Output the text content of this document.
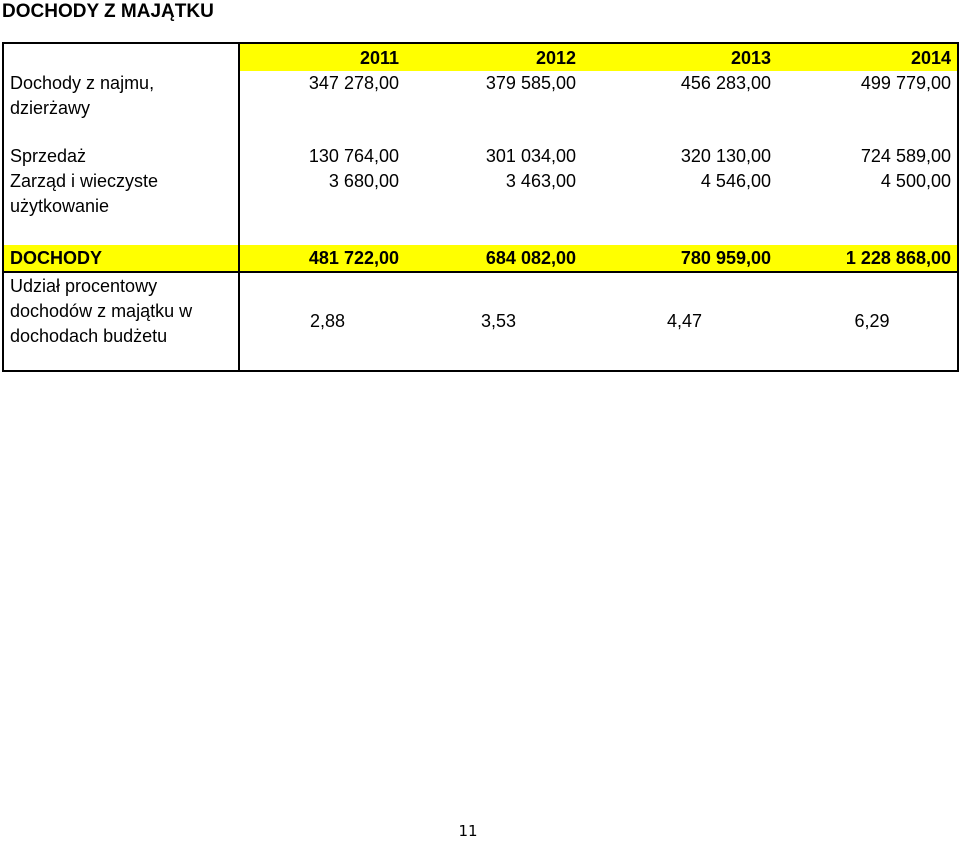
DOCHODY Z MAJĄTKU
	2011	2012	2013	2014
Dochody z najmu, dzierżawy	347 278,00	379 585,00	456 283,00	499 779,00
Sprzedaż	130 764,00	301 034,00	320 130,00	724 589,00
Zarząd i wieczyste użytkowanie	3 680,00	3 463,00	4 546,00	4 500,00
DOCHODY	481 722,00	684 082,00	780 959,00	1 228 868,00
Udział procentowy dochodów z majątku w dochodach budżetu	2,88	3,53	4,47	6,29
11
